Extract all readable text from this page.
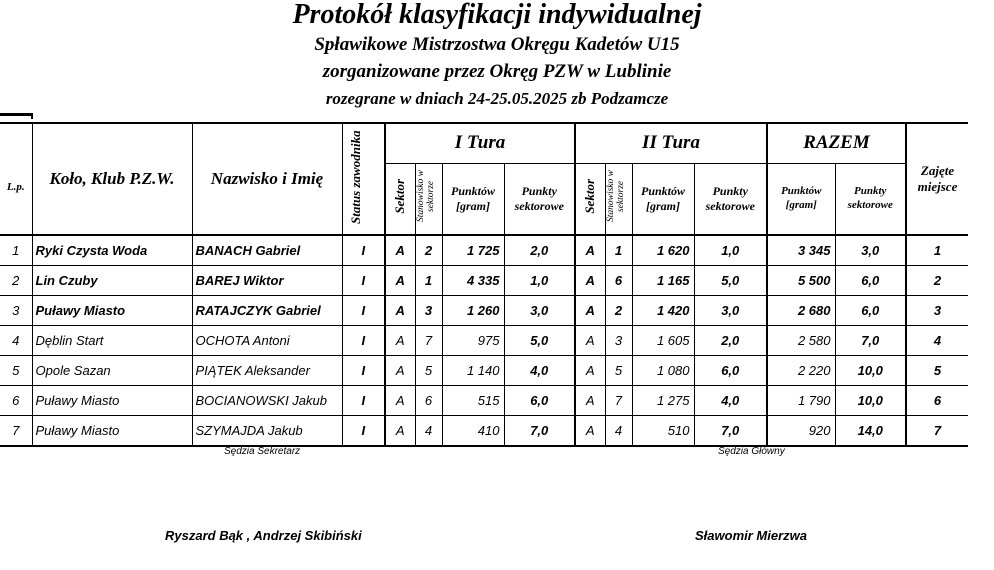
Protokół klasyfikacji indywidualnej
Spławikowe Mistrzostwa Okręgu Kadetów U15
zorganizowane przez Okręg PZW w Lublinie
rozegrane w dniach 24-25.05.2025 zb Podzamcze
L.p.	Koło, Klub P.Z.W.	Nazwisko i Imię	Status zawodnika	I Tura				II Tura				RAZEM		Zajęte miejsce
				Sektor	Stanowisko w sektorze	Punktów [gram]	Punkty sektorowe	Sektor	Stanowisko w sektorze	Punktów [gram]	Punkty sektorowe	Punktów [gram]	Punkty sektorowe	
1	Ryki Czysta Woda	BANACH Gabriel	I	A	2	1 725	2,0	A	1	1 620	1,0	3 345	3,0	1
2	Lin Czuby	BAREJ Wiktor	I	A	1	4 335	1,0	A	6	1 165	5,0	5 500	6,0	2
3	Puławy Miasto	RATAJCZYK Gabriel	I	A	3	1 260	3,0	A	2	1 420	3,0	2 680	6,0	3
4	Dęblin Start	OCHOTA Antoni	I	A	7	975	5,0	A	3	1 605	2,0	2 580	7,0	4
5	Opole Sazan	PIĄTEK Aleksander	I	A	5	1 140	4,0	A	5	1 080	6,0	2 220	10,0	5
6	Puławy Miasto	BOCIANOWSKI Jakub	I	A	6	515	6,0	A	7	1 275	4,0	1 790	10,0	6
7	Puławy Miasto	SZYMAJDA Jakub	I	A	4	410	7,0	A	4	510	7,0	920	14,0	7
Sędzia Sekretarz	Sędzia Główny
Ryszard Bąk , Andrzej Skibiński	Sławomir Mierzwa
